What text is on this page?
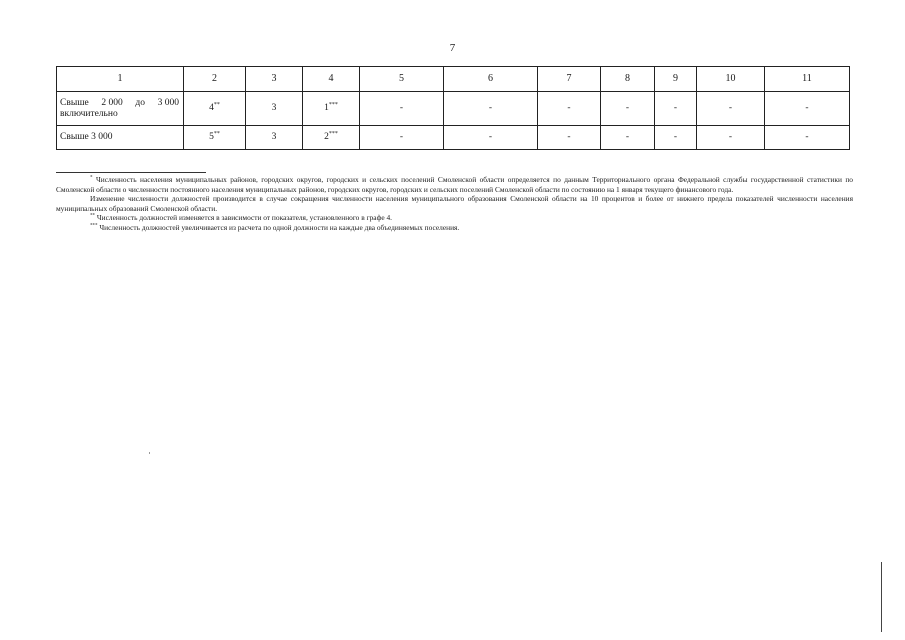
7
1	2	3	4	5	6	7	8	9	10	11

Свыше 2 000 до 3 000
включительно	4**	3	1***	-	-	-	-	-	-	-
Свыше 3 000	5**	3	2***	-	-	-	-	-	-	-

* Численность населения муниципальных районов, городских округов, городских и сельских поселений Смоленской области определяется по данным Территориального органа Федеральной службы государственной статистики по Смоленской области о численности постоянного населения муниципальных районов, городских округов, городских и сельских поселений Смоленской области по состоянию на 1 января текущего финансового года.

Изменение численности должностей производится в случае сокращения численности населения муниципального образования Смоленской области на 10 процентов и более от нижнего предела показателей численности населения муниципальных образований Смоленской области.

** Численность должностей изменяется в зависимости от показателя, установленного в графе 4.

*** Численность должностей увеличивается из расчета по одной должности на каждые два объединяемых поселения.
